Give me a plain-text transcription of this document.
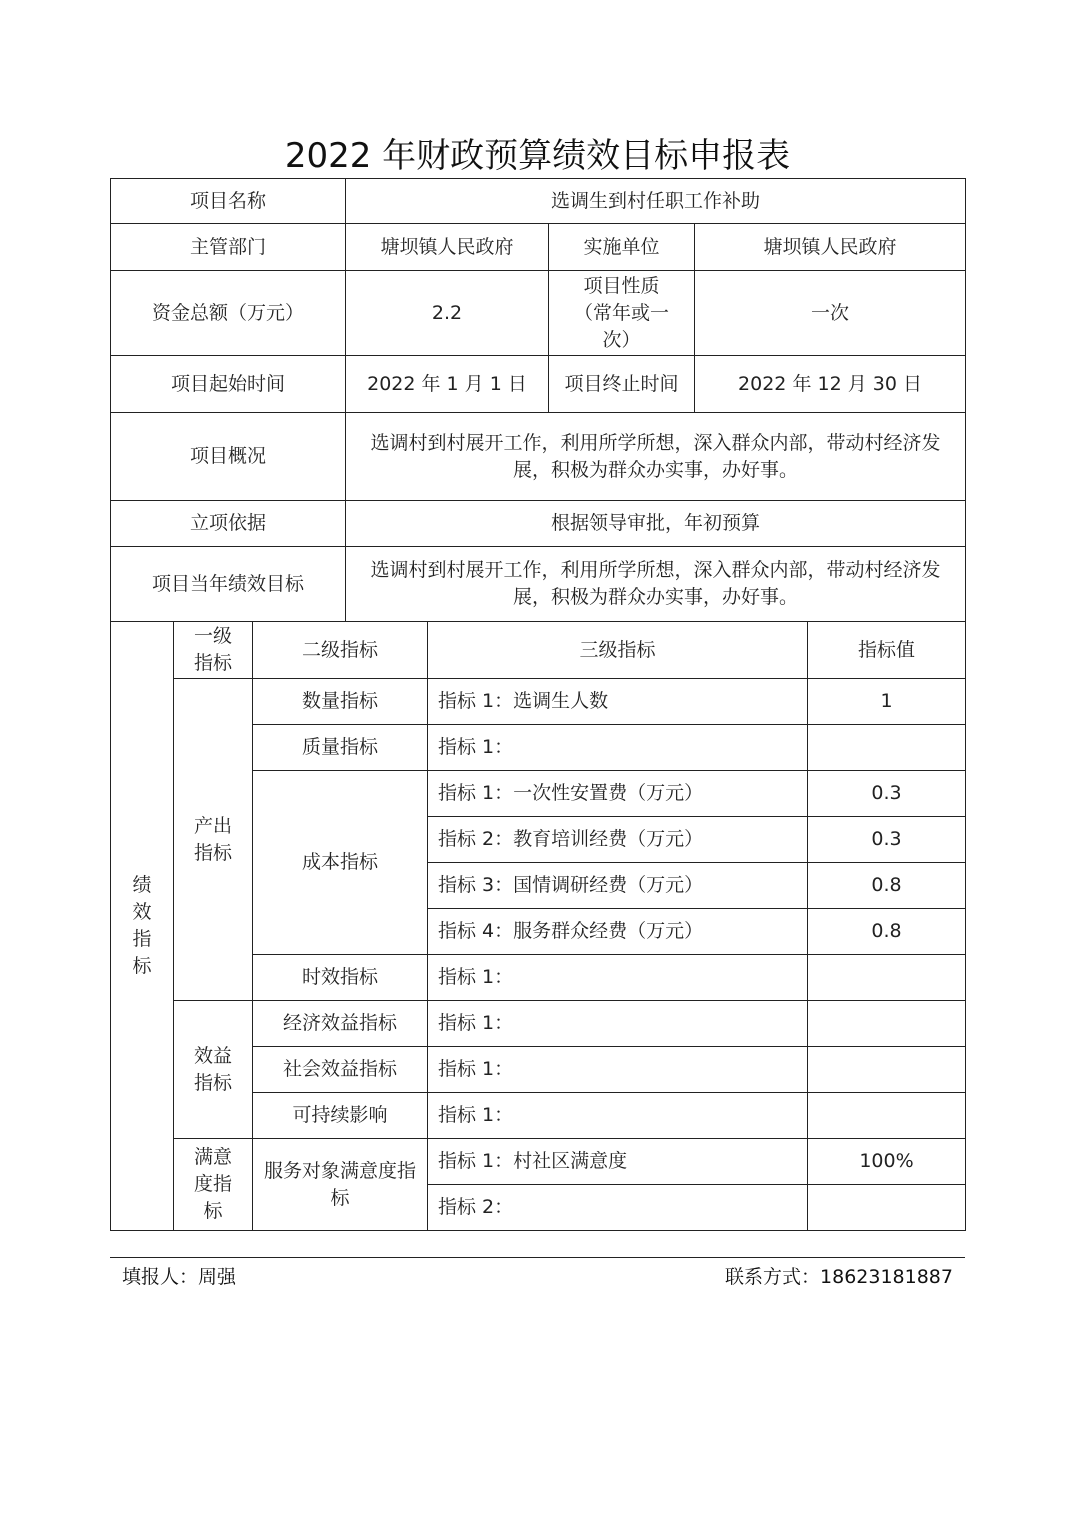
2022 年财政预算绩效目标申报表
项目名称			选调生到村任职工作补助				
主管部门			塘坝镇人民政府		实施单位	塘坝镇人民政府	
资金总额（万元）			2.2		项目性质（常年或一次）	一次	
项目起始时间			2022 年 1 月 1 日		项目终止时间	2022 年 12 月 30 日	
项目概况			选调村到村展开工作，利用所学所想，深入群众内部，带动村经济发展，积极为群众办实事，办好事。				
立项依据			根据领导审批，年初预算				
项目当年绩效目标			选调村到村展开工作，利用所学所想，深入群众内部，带动村经济发展，积极为群众办实事，办好事。				
绩效指标	一级指标	二级指标		三级指标			指标值
	产出指标	数量指标		指标 1：选调生人数			1
		质量指标		指标 1：			
		成本指标		指标 1：一次性安置费（万元）			0.3
				指标 2：教育培训经费（万元）			0.3
				指标 3：国情调研经费（万元）			0.8
				指标 4：服务群众经费（万元）			0.8
		时效指标		指标 1：			
	效益指标	经济效益指标		指标 1：			
		社会效益指标		指标 1：			
		可持续影响		指标 1：			
	满意度指标	服务对象满意度指标		指标 1：村社区满意度			100%
				指标 2：			
填报人：周强	联系方式：18623181887
